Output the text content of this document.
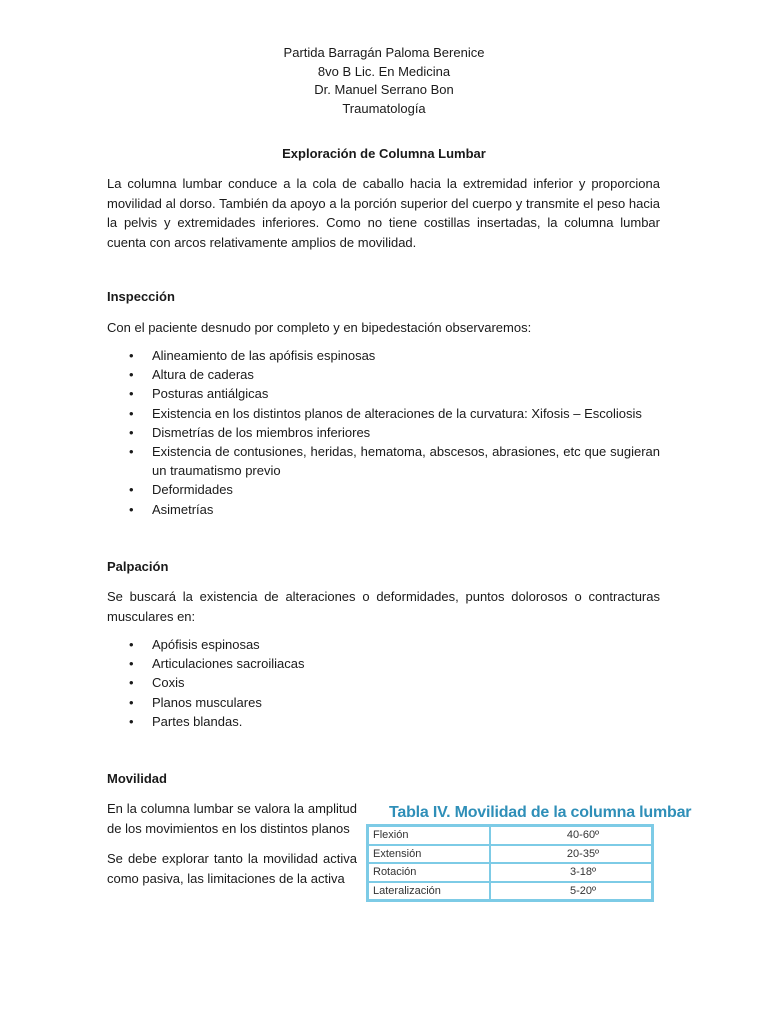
Partida Barragán Paloma Berenice
8vo B Lic. En Medicina
Dr. Manuel Serrano Bon
Traumatología
Exploración de Columna Lumbar
La columna lumbar conduce a la cola de caballo hacia la extremidad inferior y proporciona movilidad al dorso. También da apoyo a la porción superior del cuerpo y transmite el peso hacia la pelvis y extremidades inferiores. Como no tiene costillas insertadas, la columna lumbar cuenta con arcos relativamente amplios de movilidad.
Inspección
Con el paciente desnudo por completo y en bipedestación observaremos:
• Alineamiento de las apófisis espinosas
• Altura de caderas
• Posturas antiálgicas
• Existencia en los distintos planos de alteraciones de la curvatura: Xifosis – Escoliosis
• Dismetrías de los miembros inferiores
• Existencia de contusiones, heridas, hematoma, abscesos, abrasiones, etc que sugieran un traumatismo previo
• Deformidades
• Asimetrías
Palpación
Se buscará la existencia de alteraciones o deformidades, puntos dolorosos o contracturas musculares en:
• Apófisis espinosas
• Articulaciones sacroiliacas
• Coxis
• Planos musculares
• Partes blandas.
Movilidad
En la columna lumbar se valora la amplitud de los movimientos en los distintos planos
Se debe explorar tanto la movilidad activa como pasiva, las limitaciones de la activa
Tabla IV. Movilidad de la columna lumbar
Flexión	40-60º
Extensión	20-35º
Rotación	3-18º
Lateralización	5-20º
